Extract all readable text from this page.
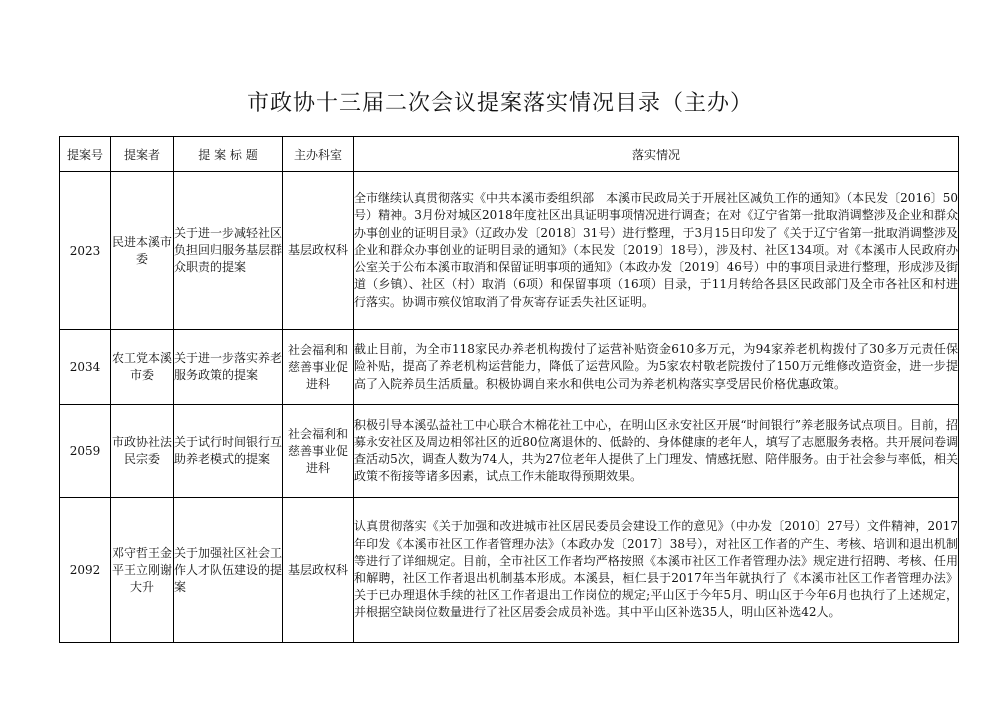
市政协十三届二次会议提案落实情况目录（主办）
提案号	提案者	提 案 标 题	主办科室	落实情况
2023	民进本溪市委	关于进一步减轻社区负担回归服务基层群众职责的提案	基层政权科	全市继续认真贯彻落实《中共本溪市委组织部　本溪市民政局关于开展社区减负工作的通知》（本民发〔2016〕50号）精神。3月份对城区2018年度社区出具证明事项情况进行调查；在对《辽宁省第一批取消调整涉及企业和群众办事创业的证明目录》（辽政办发〔2018〕31号）进行整理，于3月15日印发了《关于辽宁省第一批取消调整涉及企业和群众办事创业的证明目录的通知》（本民发〔2019〕18号），涉及村、社区134项。对《本溪市人民政府办公室关于公布本溪市取消和保留证明事项的通知》（本政办发〔2019〕46号）中的事项目录进行整理，形成涉及街道（乡镇）、社区（村）取消（6项）和保留事项（16项）目录，于11月转给各县区民政部门及全市各社区和村进行落实。协调市殡仪馆取消了骨灰寄存证丢失社区证明。
2034	农工党本溪市委	关于进一步落实养老服务政策的提案	社会福利和慈善事业促进科	截止目前，为全市118家民办养老机构拨付了运营补贴资金610多万元，为94家养老机构拨付了30多万元责任保险补贴，提高了养老机构运营能力，降低了运营风险。为5家农村敬老院拨付了150万元维修改造资金，进一步提高了入院养员生活质量。积极协调自来水和供电公司为养老机构落实享受居民价格优惠政策。
2059	市政协社法民宗委	关于试行时间银行互助养老模式的提案	社会福利和慈善事业促进科	积极引导本溪弘益社工中心联合木棉花社工中心，在明山区永安社区开展“时间银行”养老服务试点项目。目前，招募永安社区及周边相邻社区的近80位离退休的、低龄的、身体健康的老年人，填写了志愿服务表格。共开展问卷调查活动5次，调查人数为74人，共为27位老年人提供了上门理发、情感抚慰、陪伴服务。由于社会参与率低，相关政策不衔接等诸多因素，试点工作未能取得预期效果。
2092	邓守哲王金平王立刚谢大升	关于加强社区社会工作人才队伍建设的提案	基层政权科	认真贯彻落实《关于加强和改进城市社区居民委员会建设工作的意见》（中办发〔2010〕27号）文件精神，2017年印发《本溪市社区工作者管理办法》（本政办发〔2017〕38号），对社区工作者的产生、考核、培训和退出机制等进行了详细规定。目前，全市社区工作者均严格按照《本溪市社区工作者管理办法》规定进行招聘、考核、任用和解聘，社区工作者退出机制基本形成。本溪县，桓仁县于2017年当年就执行了《本溪市社区工作者管理办法》关于已办理退休手续的社区工作者退出工作岗位的规定;平山区于今年5月、明山区于今年6月也执行了上述规定，并根据空缺岗位数量进行了社区居委会成员补选。其中平山区补选35人，明山区补选42人。
